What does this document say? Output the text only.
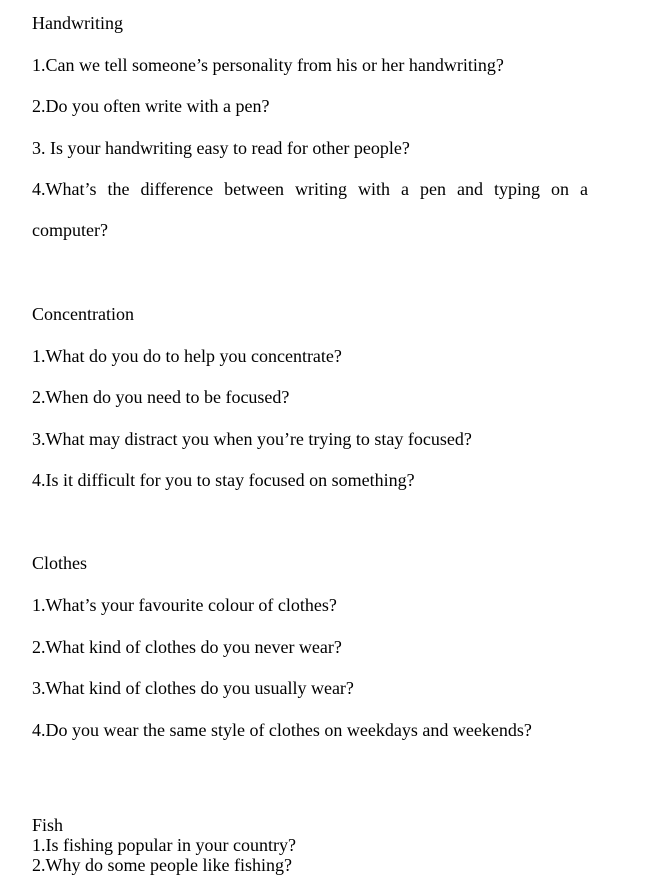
Handwriting
1.Can we tell someone’s personality from his or her handwriting?
2.Do you often write with a pen?
3. Is your handwriting easy to read for other people?
4.What’s the difference between writing with a pen and typing on a computer?
Concentration
1.What do you do to help you concentrate?
2.When do you need to be focused?
3.What may distract you when you’re trying to stay focused?
4.Is it difficult for you to stay focused on something?
Clothes
1.What’s your favourite colour of clothes?
2.What kind of clothes do you never wear?
3.What kind of clothes do you usually wear?
4.Do you wear the same style of clothes on weekdays and weekends?
Fish
1.Is fishing popular in your country?
2.Why do some people like fishing?
